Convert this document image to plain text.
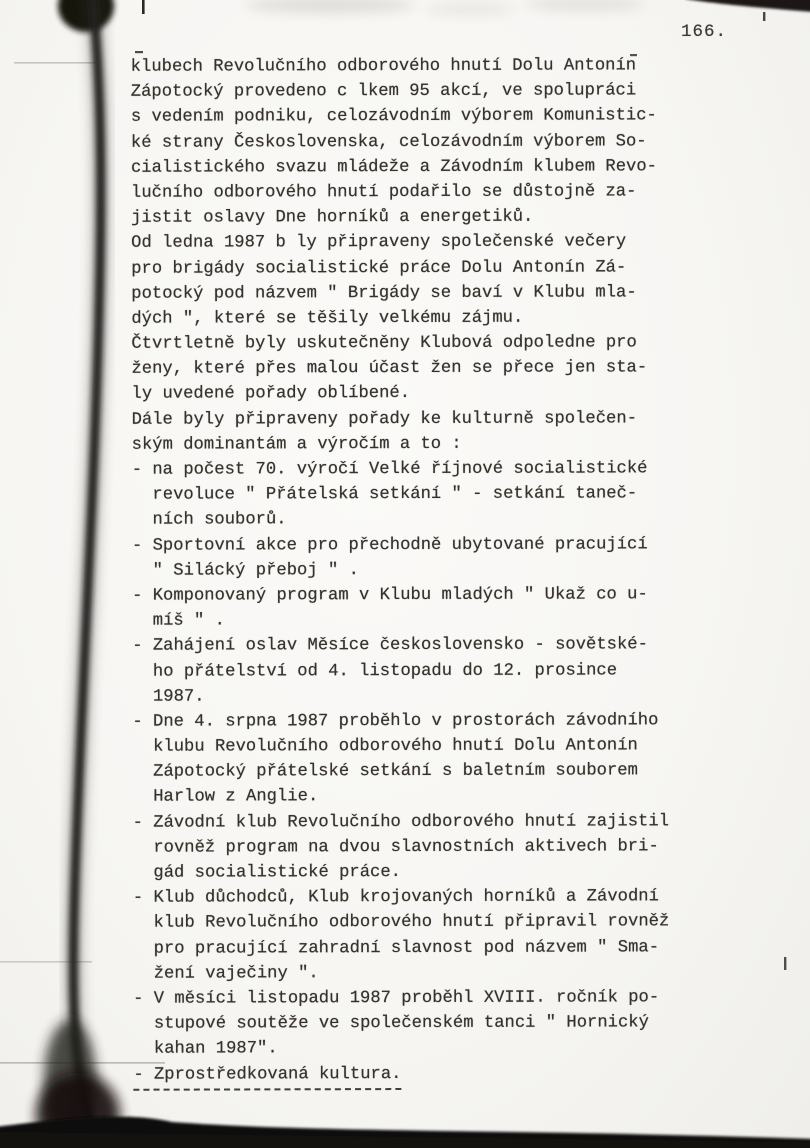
166.
klubech Revolučního odborového hnutí Dolu Antonín
Zápotocký provedeno c lkem 95 akcí, ve spolupráci
s vedením podniku, celozávodním výborem Komunistic-
ké strany Československa, celozávodním výborem So-
cialistického svazu mládeže a Závodním klubem Revo-
lučního odborového hnutí podařilo se důstojně za-
jistit oslavy Dne horníků a energetiků.
Od ledna 1987 b ly připraveny společenské večery
pro brigády socialistické práce Dolu Antonín Zá-
potocký pod názvem " Brigády se baví v Klubu mla-
dých ", které se těšily velkému zájmu.
Čtvrtletně byly uskutečněny Klubová odpoledne pro
ženy, které přes malou účast žen se přece jen sta-
ly uvedené pořady oblíbené.
Dále byly připraveny pořady ke kulturně společen-
ským dominantám a výročím a to :
- na počest 70. výročí Velké říjnové socialistické
revoluce " Přátelská setkání " - setkání taneč-
ních souborů.
- Sportovní akce pro přechodně ubytované pracující
" Silácký přeboj " .
- Komponovaný program v Klubu mladých " Ukaž co u-
míš " .
- Zahájení oslav Měsíce československo - sovětské-
ho přátelství od 4. listopadu do 12. prosince
1987.
- Dne 4. srpna 1987 proběhlo v prostorách závodního
klubu Revolučního odborového hnutí Dolu Antonín
Zápotocký přátelské setkání s baletním souborem
Harlow z Anglie.
- Závodní klub Revolučního odborového hnutí zajistil
rovněž program na dvou slavnostních aktivech bri-
gád socialistické práce.
- Klub důchodců, Klub krojovaných horníků a Závodní
klub Revolučního odborového hnutí připravil rovněž
pro pracující zahradní slavnost pod názvem " Sma-
žení vaječiny ".
- V měsíci listopadu 1987 proběhl XVIII. ročník po-
stupové soutěže ve společenském tanci " Hornický
kahan 1987".
- Zprostředkovaná kultura.
